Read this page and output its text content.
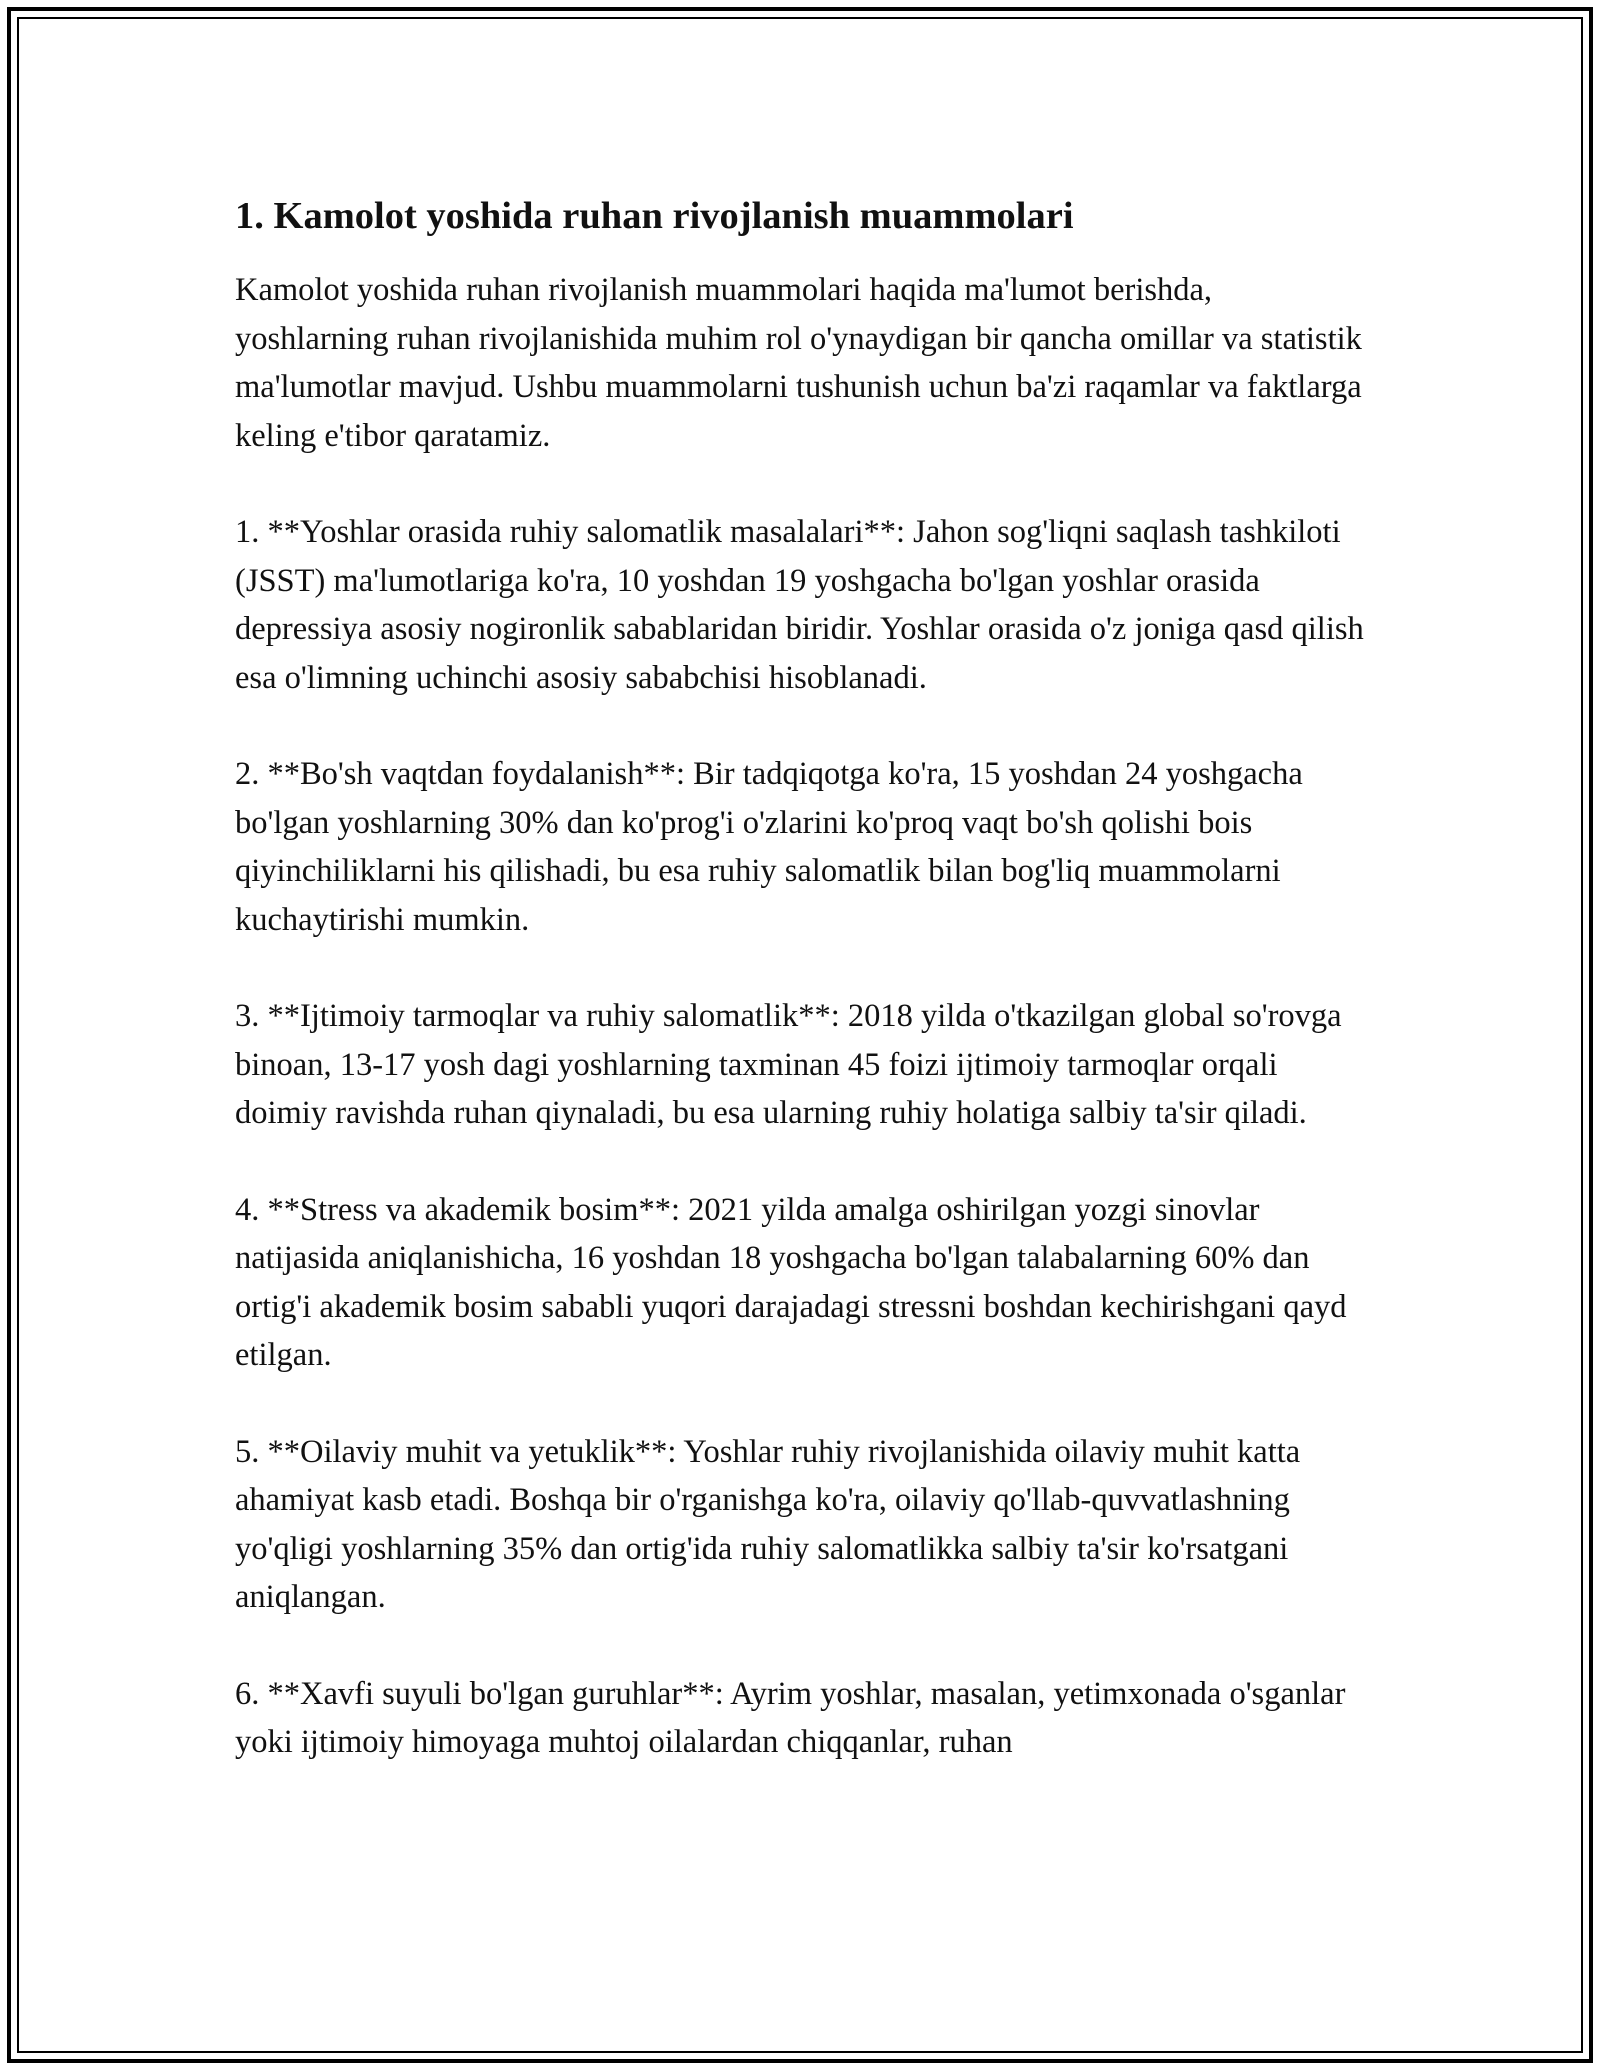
1. Kamolot yoshida ruhan rivojlanish muammolari

Kamolot yoshida ruhan rivojlanish muammolari haqida ma'lumot berishda, yoshlarning ruhan rivojlanishida muhim rol o'ynaydigan bir qancha omillar va statistik ma'lumotlar mavjud. Ushbu muammolarni tushunish uchun ba'zi raqamlar va faktlarga keling e'tibor qaratamiz.

1. **Yoshlar orasida ruhiy salomatlik masalalari**: Jahon sog'liqni saqlash tashkiloti (JSST) ma'lumotlariga ko'ra, 10 yoshdan 19 yoshgacha bo'lgan yoshlar orasida depressiya asosiy nogironlik sabablaridan biridir. Yoshlar orasida o'z joniga qasd qilish esa o'limning uchinchi asosiy sababchisi hisoblanadi.

2. **Bo'sh vaqtdan foydalanish**: Bir tadqiqotga ko'ra, 15 yoshdan 24 yoshgacha bo'lgan yoshlarning 30% dan ko'prog'i o'zlarini ko'proq vaqt bo'sh qolishi bois qiyinchiliklarni his qilishadi, bu esa ruhiy salomatlik bilan bog'liq muammolarni kuchaytirishi mumkin.

3. **Ijtimoiy tarmoqlar va ruhiy salomatlik**: 2018 yilda o'tkazilgan global so'rovga binoan, 13-17 yosh dagi yoshlarning taxminan 45 foizi ijtimoiy tarmoqlar orqali doimiy ravishda ruhan qiynaladi, bu esa ularning ruhiy holatiga salbiy ta'sir qiladi.

4. **Stress va akademik bosim**: 2021 yilda amalga oshirilgan yozgi sinovlar natijasida aniqlanishicha, 16 yoshdan 18 yoshgacha bo'lgan talabalarning 60% dan ortig'i akademik bosim sababli yuqori darajadagi stressni boshdan kechirishgani qayd etilgan.

5. **Oilaviy muhit va yetuklik**: Yoshlar ruhiy rivojlanishida oilaviy muhit katta ahamiyat kasb etadi. Boshqa bir o'rganishga ko'ra, oilaviy qo'llab-quvvatlashning yo'qligi yoshlarning 35% dan ortig'ida ruhiy salomatlikka salbiy ta'sir ko'rsatgani aniqlangan.

6. **Xavfi suyuli bo'lgan guruhlar**: Ayrim yoshlar, masalan, yetimxonada o'sganlar yoki ijtimoiy himoyaga muhtoj oilalardan chiqqanlar, ruhan
